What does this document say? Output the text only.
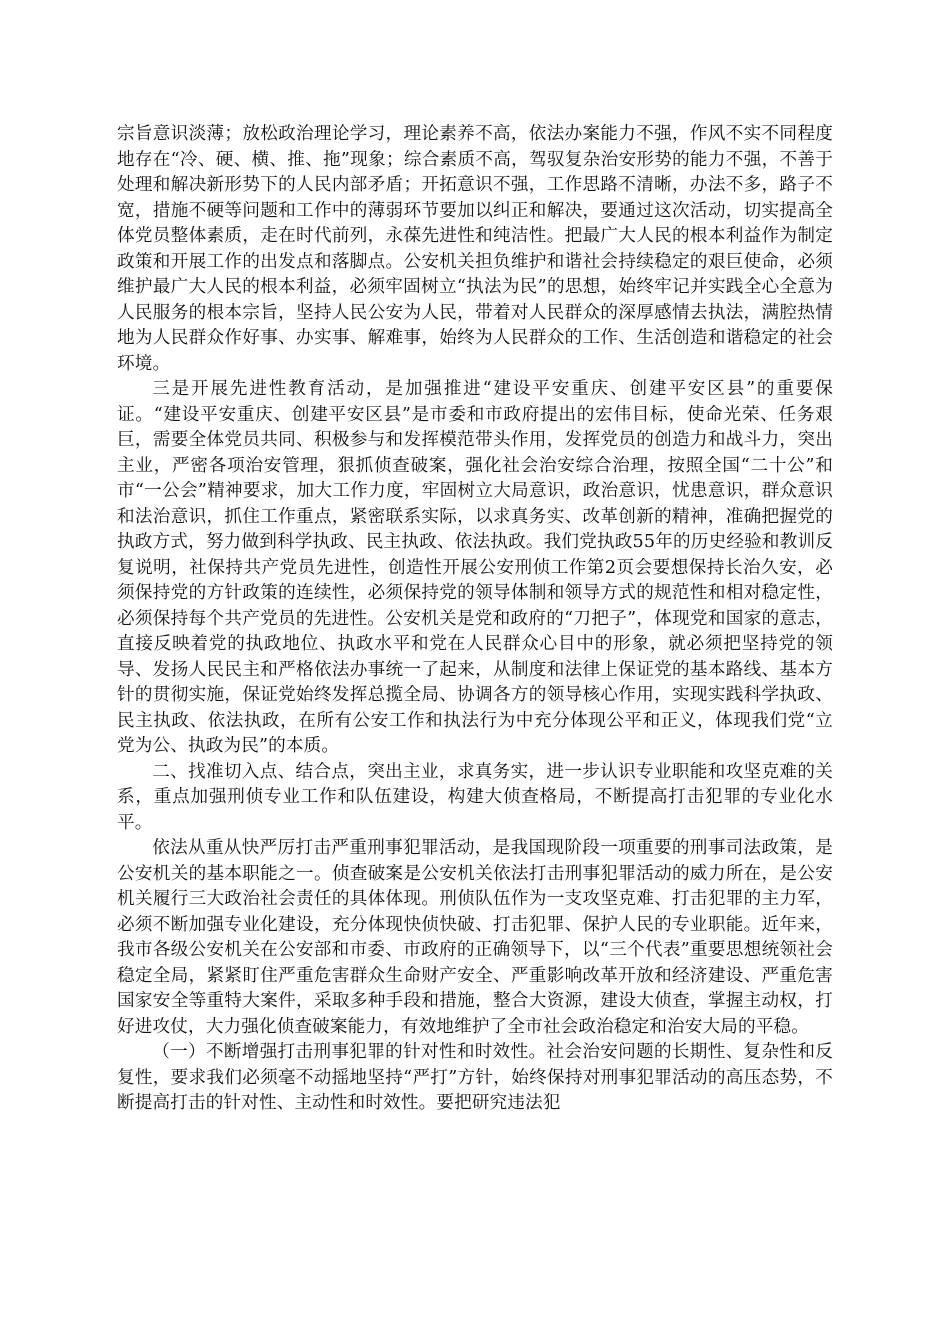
宗旨意识淡薄；放松政治理论学习，理论素养不高，依法办案能力不强，作风不实不同程度地存在“冷、硬、横、推、拖”现象；综合素质不高，驾驭复杂治安形势的能力不强，不善于处理和解决新形势下的人民内部矛盾；开拓意识不强，工作思路不清晰，办法不多，路子不宽，措施不硬等问题和工作中的薄弱环节要加以纠正和解决，要通过这次活动，切实提高全体党员整体素质，走在时代前列，永葆先进性和纯洁性。把最广大人民的根本利益作为制定政策和开展工作的出发点和落脚点。公安机关担负维护和谐社会持续稳定的艰巨使命，必须维护最广大人民的根本利益，必须牢固树立“执法为民”的思想，始终牢记并实践全心全意为人民服务的根本宗旨，坚持人民公安为人民，带着对人民群众的深厚感情去执法，满腔热情地为人民群众作好事、办实事、解难事，始终为人民群众的工作、生活创造和谐稳定的社会环境。

三是开展先进性教育活动，是加强推进“建设平安重庆、创建平安区县”的重要保证。“建设平安重庆、创建平安区县”是市委和市政府提出的宏伟目标，使命光荣、任务艰巨，需要全体党员共同、积极参与和发挥模范带头作用，发挥党员的创造力和战斗力，突出主业，严密各项治安管理，狠抓侦查破案，强化社会治安综合治理，按照全国“二十公”和市“一公会”精神要求，加大工作力度，牢固树立大局意识，政治意识，忧患意识，群众意识和法治意识，抓住工作重点，紧密联系实际，以求真务实、改革创新的精神，准确把握党的执政方式，努力做到科学执政、民主执政、依法执政。我们党执政55年的历史经验和教训反复说明，社保持共产党员先进性，创造性开展公安刑侦工作第2页会要想保持长治久安，必须保持党的方针政策的连续性，必须保持党的领导体制和领导方式的规范性和相对稳定性，必须保持每个共产党员的先进性。公安机关是党和政府的“刀把子”，体现党和国家的意志，直接反映着党的执政地位、执政水平和党在人民群众心目中的形象，就必须把坚持党的领导、发扬人民民主和严格依法办事统一了起来，从制度和法律上保证党的基本路线、基本方针的贯彻实施，保证党始终发挥总揽全局、协调各方的领导核心作用，实现实践科学执政、民主执政、依法执政，在所有公安工作和执法行为中充分体现公平和正义，体现我们党“立党为公、执政为民”的本质。

二、找准切入点、结合点，突出主业，求真务实，进一步认识专业职能和攻坚克难的关系，重点加强刑侦专业工作和队伍建设，构建大侦查格局，不断提高打击犯罪的专业化水平。

依法从重从快严厉打击严重刑事犯罪活动，是我国现阶段一项重要的刑事司法政策，是公安机关的基本职能之一。侦查破案是公安机关依法打击刑事犯罪活动的威力所在，是公安机关履行三大政治社会责任的具体体现。刑侦队伍作为一支攻坚克难、打击犯罪的主力军，必须不断加强专业化建设，充分体现快侦快破、打击犯罪、保护人民的专业职能。近年来，我市各级公安机关在公安部和市委、市政府的正确领导下，以“三个代表”重要思想统领社会稳定全局，紧紧盯住严重危害群众生命财产安全、严重影响改革开放和经济建设、严重危害国家安全等重特大案件，采取多种手段和措施，整合大资源，建设大侦查，掌握主动权，打好进攻仗，大力强化侦查破案能力，有效地维护了全市社会政治稳定和治安大局的平稳。

（一）不断增强打击刑事犯罪的针对性和时效性。社会治安问题的长期性、复杂性和反复性，要求我们必须毫不动摇地坚持“严打”方针，始终保持对刑事犯罪活动的高压态势，不断提高打击的针对性、主动性和时效性。要把研究违法犯
